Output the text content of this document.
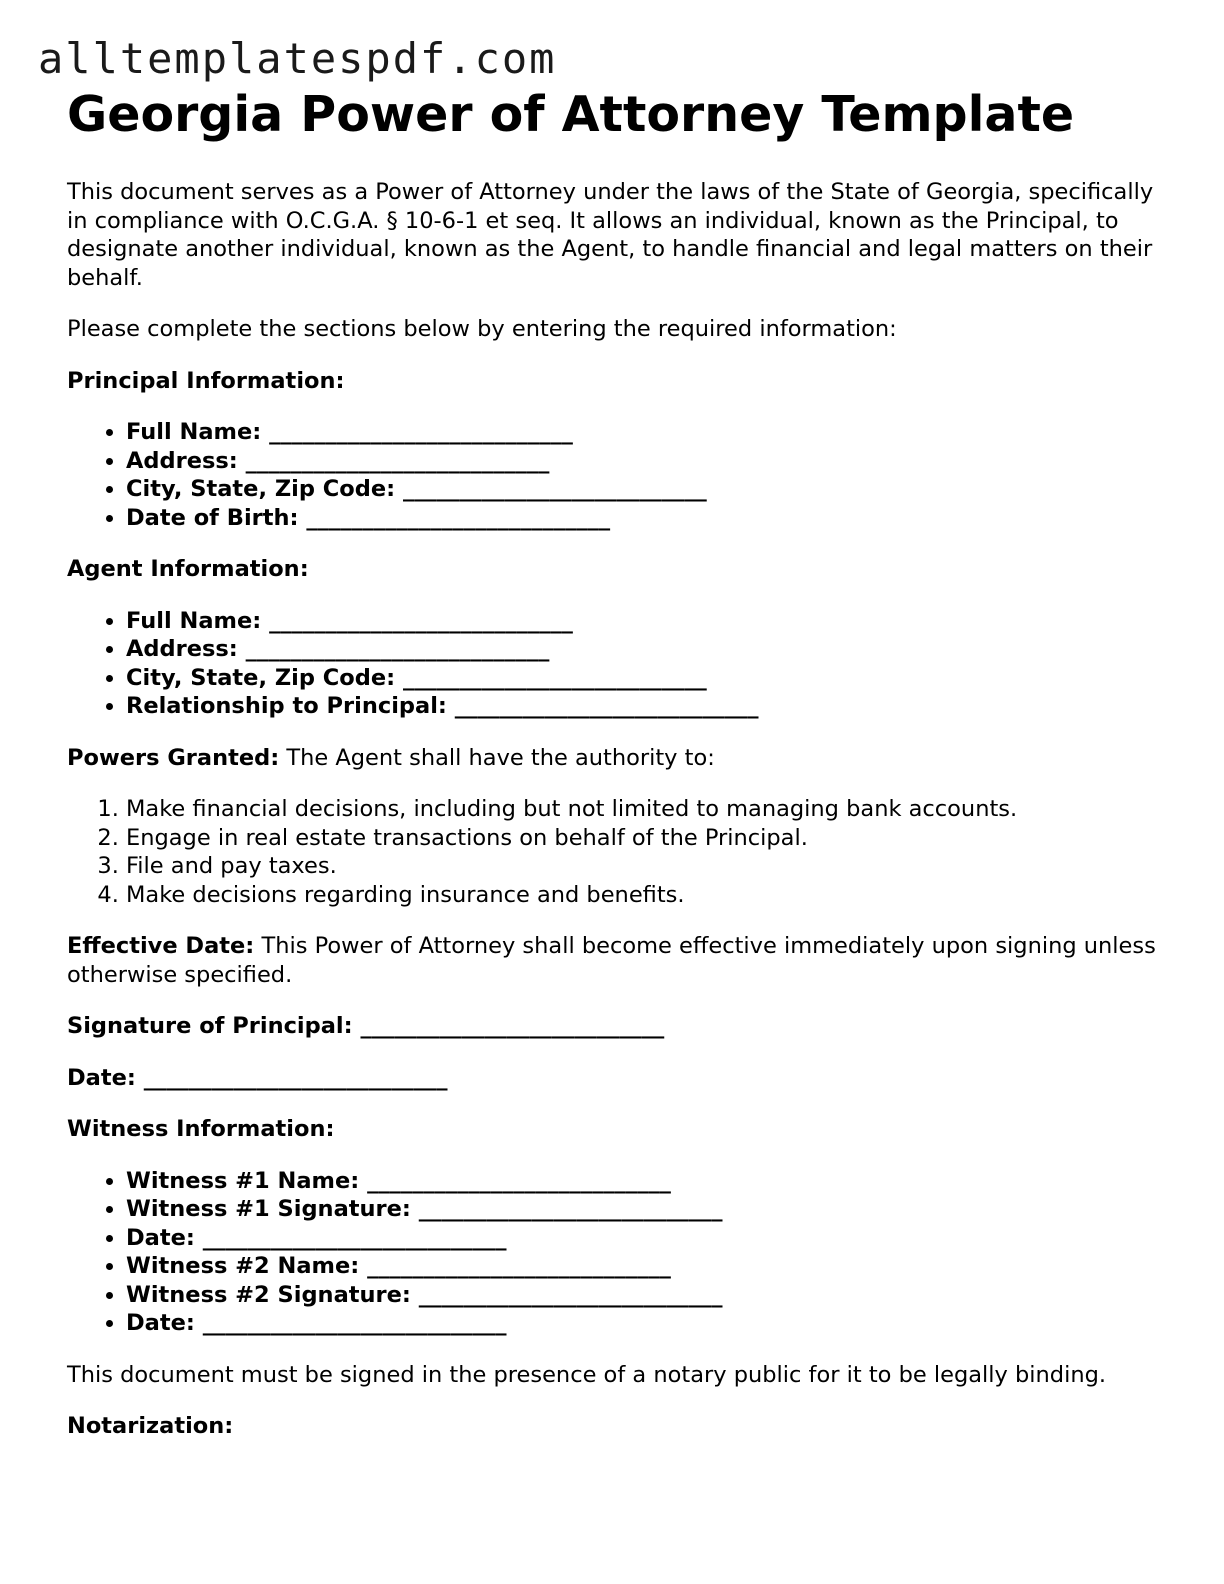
alltemplatespdf.com
Georgia Power of Attorney Template

This document serves as a Power of Attorney under the laws of the State of Georgia, specifically in compliance with O.C.G.A. § 10-6-1 et seq. It allows an individual, known as the Principal, to designate another individual, known as the Agent, to handle financial and legal matters on their behalf.

Please complete the sections below by entering the required information:

Principal Information:

• Full Name: ___________________________
• Address: ___________________________
• City, State, Zip Code: ___________________________
• Date of Birth: ___________________________

Agent Information:

• Full Name: ___________________________
• Address: ___________________________
• City, State, Zip Code: ___________________________
• Relationship to Principal: ___________________________

Powers Granted: The Agent shall have the authority to:

1. Make financial decisions, including but not limited to managing bank accounts.
2. Engage in real estate transactions on behalf of the Principal.
3. File and pay taxes.
4. Make decisions regarding insurance and benefits.

Effective Date: This Power of Attorney shall become effective immediately upon signing unless otherwise specified.

Signature of Principal: ___________________________

Date: ___________________________

Witness Information:

• Witness #1 Name: ___________________________
• Witness #1 Signature: ___________________________
• Date: ___________________________
• Witness #2 Name: ___________________________
• Witness #2 Signature: ___________________________
• Date: ___________________________

This document must be signed in the presence of a notary public for it to be legally binding.

Notarization:
